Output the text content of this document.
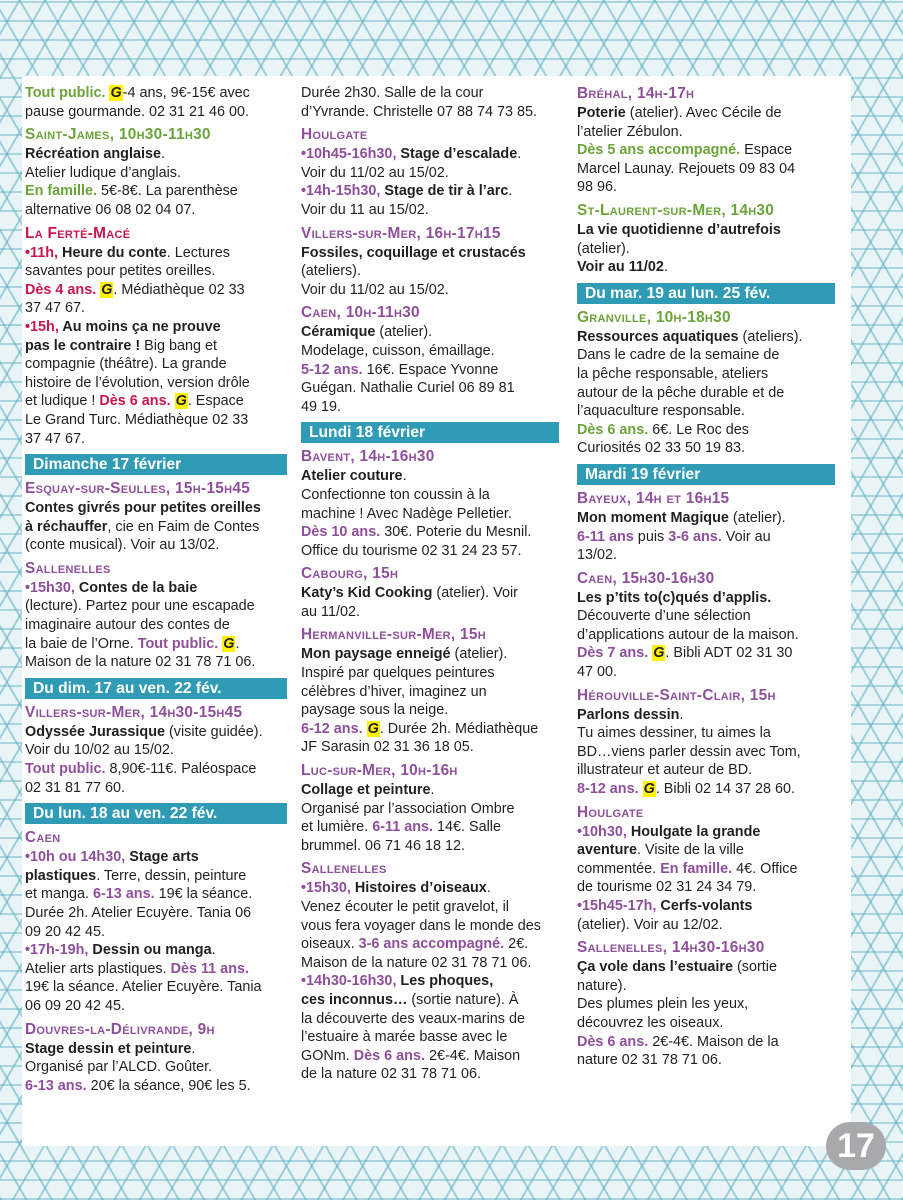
Tout public. G-4 ans, 9€-15€ avec
pause gourmande. 02 31 21 46 00.
Saint-James, 10h30-11h30
Récréation anglaise.
Atelier ludique d’anglais.
En famille. 5€-8€. La parenthèse
alternative 06 08 02 04 07.
La Ferté-Macé
•11h, Heure du conte. Lectures
savantes pour petites oreilles.
Dès 4 ans. G. Médiathèque 02 33
37 47 67.
•15h, Au moins ça ne prouve
pas le contraire ! Big bang et
compagnie (théâtre). La grande
histoire de l’évolution, version drôle
et ludique ! Dès 6 ans. G. Espace
Le Grand Turc. Médiathèque 02 33
37 47 67.
Dimanche 17 février
Esquay-sur-Seulles, 15h-15h45
Contes givrés pour petites oreilles
à réchauffer, cie en Faim de Contes
(conte musical). Voir au 13/02.
Sallenelles
•15h30, Contes de la baie
(lecture). Partez pour une escapade
imaginaire autour des contes de
la baie de l’Orne. Tout public. G.
Maison de la nature 02 31 78 71 06.
Du dim. 17 au ven. 22 fév.
Villers-sur-Mer, 14h30-15h45
Odyssée Jurassique (visite guidée).
Voir du 10/02 au 15/02.
Tout public. 8,90€-11€. Paléospace
02 31 81 77 60.
Du lun. 18 au ven. 22 fév.
Caen
•10h ou 14h30, Stage arts
plastiques. Terre, dessin, peinture
et manga. 6-13 ans. 19€ la séance.
Durée 2h. Atelier Ecuyère. Tania 06
09 20 42 45.
•17h-19h, Dessin ou manga.
Atelier arts plastiques. Dès 11 ans.
19€ la séance. Atelier Ecuyère. Tania
06 09 20 42 45.
Douvres-la-Délivrande, 9h
Stage dessin et peinture.
Organisé par l’ALCD. Goûter.
6-13 ans. 20€ la séance, 90€ les 5.
Durée 2h30. Salle de la cour
d’Yvrande. Christelle 07 88 74 73 85.
Houlgate
•10h45-16h30, Stage d’escalade.
Voir du 11/02 au 15/02.
•14h-15h30, Stage de tir à l’arc.
Voir du 11 au 15/02.
Villers-sur-Mer, 16h-17h15
Fossiles, coquillage et crustacés
(ateliers).
Voir du 11/02 au 15/02.
Caen, 10h-11h30
Céramique (atelier).
Modelage, cuisson, émaillage.
5-12 ans. 16€. Espace Yvonne
Guégan. Nathalie Curiel 06 89 81
49 19.
Lundi 18 février
Bavent, 14h-16h30
Atelier couture.
Confectionne ton coussin à la
machine ! Avec Nadège Pelletier.
Dès 10 ans. 30€. Poterie du Mesnil.
Office du tourisme 02 31 24 23 57.
Cabourg, 15h
Katy’s Kid Cooking (atelier). Voir
au 11/02.
Hermanville-sur-Mer, 15h
Mon paysage enneigé (atelier).
Inspiré par quelques peintures
célèbres d’hiver, imaginez un
paysage sous la neige.
6-12 ans. G. Durée 2h. Médiathèque
JF Sarasin 02 31 36 18 05.
Luc-sur-Mer, 10h-16h
Collage et peinture.
Organisé par l’association Ombre
et lumière. 6-11 ans. 14€. Salle
brummel. 06 71 46 18 12.
Sallenelles
•15h30, Histoires d’oiseaux.
Venez écouter le petit gravelot, il
vous fera voyager dans le monde des
oiseaux. 3-6 ans accompagné. 2€.
Maison de la nature 02 31 78 71 06.
•14h30-16h30, Les phoques,
ces inconnus… (sortie nature). À
la découverte des veaux-marins de
l’estuaire à marée basse avec le
GONm. Dès 6 ans. 2€-4€. Maison
de la nature 02 31 78 71 06.
Bréhal, 14h-17h
Poterie (atelier). Avec Cécile de
l’atelier Zébulon.
Dès 5 ans accompagné. Espace
Marcel Launay. Rejouets 09 83 04
98 96.
St-Laurent-sur-Mer, 14h30
La vie quotidienne d’autrefois
(atelier).
Voir au 11/02.
Du mar. 19 au lun. 25 fév.
Granville, 10h-18h30
Ressources aquatiques (ateliers).
Dans le cadre de la semaine de
la pêche responsable, ateliers
autour de la pêche durable et de
l’aquaculture responsable.
Dès 6 ans. 6€. Le Roc des
Curiosités 02 33 50 19 83.
Mardi 19 février
Bayeux, 14h et 16h15
Mon moment Magique (atelier).
6-11 ans puis 3-6 ans. Voir au
13/02.
Caen, 15h30-16h30
Les p’tits to(c)qués d’applis.
Découverte d’une sélection
d’applications autour de la maison.
Dès 7 ans. G. Bibli ADT 02 31 30
47 00.
Hérouville-Saint-Clair, 15h
Parlons dessin.
Tu aimes dessiner, tu aimes la
BD…viens parler dessin avec Tom,
illustrateur et auteur de BD.
8-12 ans. G. Bibli 02 14 37 28 60.
Houlgate
•10h30, Houlgate la grande
aventure. Visite de la ville
commentée. En famille. 4€. Office
de tourisme 02 31 24 34 79.
•15h45-17h, Cerfs-volants
(atelier). Voir au 12/02.
Sallenelles, 14h30-16h30
Ça vole dans l’estuaire (sortie
nature).
Des plumes plein les yeux,
découvrez les oiseaux.
Dès 6 ans. 2€-4€. Maison de la
nature 02 31 78 71 06.
17
